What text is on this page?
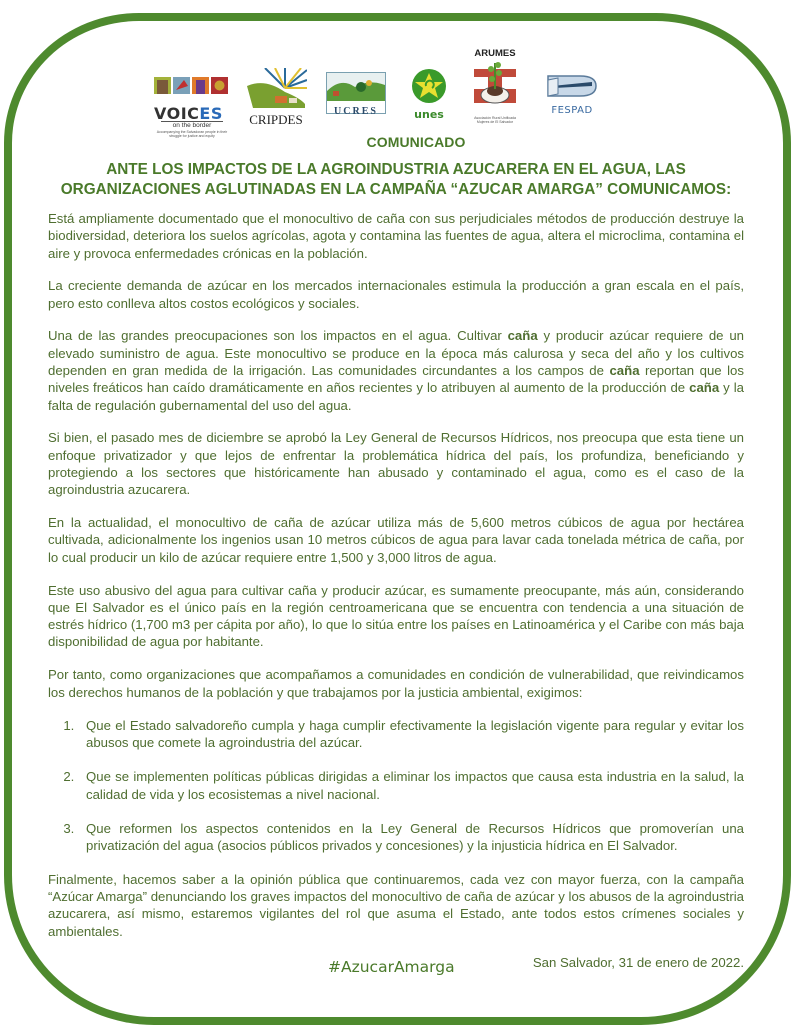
VOICES
on the border
Accompanying the Salvadoran people in their struggle for justice and equity
CRIPDES
UCRES	unes
ARUMES
Asociación Rural Unificada Mujeres de El Salvador
FESPAD
COMUNICADO
ANTE LOS IMPACTOS DE LA AGROINDUSTRIA AZUCARERA EN EL AGUA, LAS ORGANIZACIONES AGLUTINADAS EN LA CAMPAÑA “AZUCAR AMARGA” COMUNICAMOS:

Está ampliamente documentado que el monocultivo de caña con sus perjudiciales métodos de producción destruye la biodiversidad, deteriora los suelos agrícolas, agota y contamina las fuentes de agua, altera el microclima, contamina el aire y provoca enfermedades crónicas en la población.

La creciente demanda de azúcar en los mercados internacionales estimula la producción a gran escala en el país, pero esto conlleva altos costos ecológicos y sociales.

Una de las grandes preocupaciones son los impactos en el agua. Cultivar caña y producir azúcar requiere de un elevado suministro de agua. Este monocultivo se produce en la época más calurosa y seca del año y los cultivos dependen en gran medida de la irrigación. Las comunidades circundantes a los campos de caña reportan que los niveles freáticos han caído dramáticamente en años recientes y lo atribuyen al aumento de la producción de caña y la falta de regulación gubernamental del uso del agua.

Si bien, el pasado mes de diciembre se aprobó la Ley General de Recursos Hídricos, nos preocupa que esta tiene un enfoque privatizador y que lejos de enfrentar la problemática hídrica del país, los profundiza, beneficiando y protegiendo a los sectores que históricamente han abusado y contaminado el agua, como es el caso de la agroindustria azucarera.

En la actualidad, el monocultivo de caña de azúcar utiliza más de 5,600 metros cúbicos de agua por hectárea cultivada, adicionalmente los ingenios usan 10 metros cúbicos de agua para lavar cada tonelada métrica de caña, por lo cual producir un kilo de azúcar requiere entre 1,500 y 3,000 litros de agua.

Este uso abusivo del agua para cultivar caña y producir azúcar, es sumamente preocupante, más aún, considerando que El Salvador es el único país en la región centroamericana que se encuentra con tendencia a una situación de estrés hídrico (1,700 m3 per cápita por año), lo que lo sitúa entre los países en Latinoamérica y el Caribe con más baja disponibilidad de agua por habitante.

Por tanto, como organizaciones que acompañamos a comunidades en condición de vulnerabilidad, que reivindicamos los derechos humanos de la población y que trabajamos por la justicia ambiental, exigimos:

1. Que el Estado salvadoreño cumpla y haga cumplir efectivamente la legislación vigente para regular y evitar los abusos que comete la agroindustria del azúcar.
2. Que se implementen políticas públicas dirigidas a eliminar los impactos que causa esta industria en la salud, la calidad de vida y los ecosistemas a nivel nacional.
3. Que reformen los aspectos contenidos en la Ley General de Recursos Hídricos que promoverían una privatización del agua (asocios públicos privados y concesiones) y la injusticia hídrica en El Salvador.

Finalmente, hacemos saber a la opinión pública que continuaremos, cada vez con mayor fuerza, con la campaña “Azúcar Amarga” denunciando los graves impactos del monocultivo de caña de azúcar y los abusos de la agroindustria azucarera, así mismo, estaremos vigilantes del rol que asuma el Estado, ante todos estos crímenes sociales y ambientales.

San Salvador, 31 de enero de 2022.
#AzucarAmarga
